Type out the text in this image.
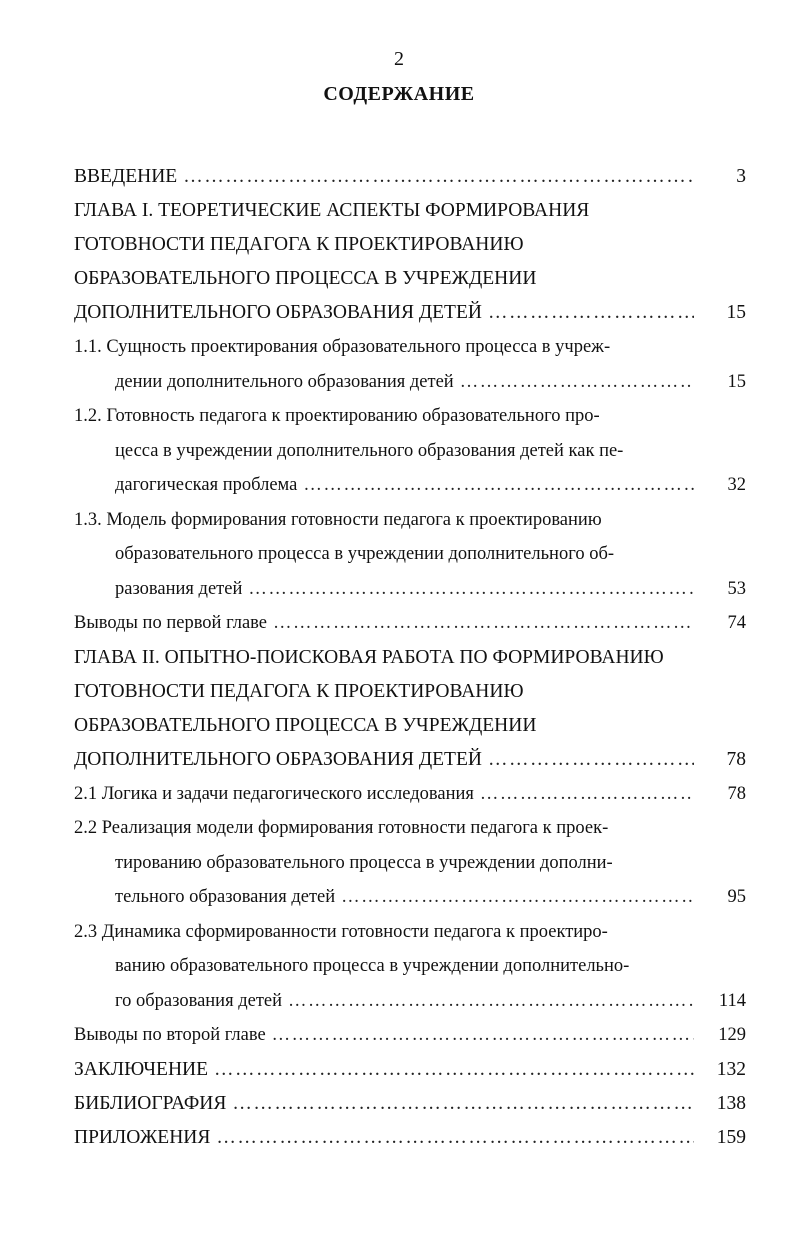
2
СОДЕРЖАНИЕ
ВВЕДЕНИЕ ……………………………………………………………………………………………………………………………………………………………………………………………………	3
ГЛАВА I. ТЕОРЕТИЧЕСКИЕ АСПЕКТЫ ФОРМИРОВАНИЯ
ГОТОВНОСТИ ПЕДАГОГА К ПРОЕКТИРОВАНИЮ
ОБРАЗОВАТЕЛЬНОГО ПРОЦЕССА В УЧРЕЖДЕНИИ
ДОПОЛНИТЕЛЬНОГО ОБРАЗОВАНИЯ ДЕТЕЙ ……………………………………………………………………………………………………………………………………………………………………………………………………	15
1.1. Сущность проектирования образовательного процесса в учреж-
дении дополнительного образования детей ……………………………………………………………………………………………………………………………………………………………………………………………………	15
1.2. Готовность педагога к проектированию образовательного про-
цесса в учреждении дополнительного образования детей как пе-
дагогическая проблема ……………………………………………………………………………………………………………………………………………………………………………………………………	32
1.3. Модель формирования готовности педагога к проектированию
образовательного процесса в учреждении дополнительного об-
разования детей ……………………………………………………………………………………………………………………………………………………………………………………………………	53
Выводы по первой главе ……………………………………………………………………………………………………………………………………………………………………………………………………	74
ГЛАВА II. ОПЫТНО-ПОИСКОВАЯ РАБОТА ПО ФОРМИРОВАНИЮ
ГОТОВНОСТИ ПЕДАГОГА К ПРОЕКТИРОВАНИЮ
ОБРАЗОВАТЕЛЬНОГО ПРОЦЕССА В УЧРЕЖДЕНИИ
ДОПОЛНИТЕЛЬНОГО ОБРАЗОВАНИЯ ДЕТЕЙ ……………………………………………………………………………………………………………………………………………………………………………………………………	78
2.1 Логика и задачи педагогического исследования ……………………………………………………………………………………………………………………………………………………………………………………………………	78
2.2 Реализация модели формирования готовности педагога к проек-
тированию образовательного процесса в учреждении дополни-
тельного образования детей ……………………………………………………………………………………………………………………………………………………………………………………………………	95
2.3 Динамика сформированности готовности педагога к проектиро-
ванию образовательного процесса в учреждении дополнительно-
го образования детей ……………………………………………………………………………………………………………………………………………………………………………………………………	114
Выводы по второй главе ……………………………………………………………………………………………………………………………………………………………………………………………………	129
ЗАКЛЮЧЕНИЕ ……………………………………………………………………………………………………………………………………………………………………………………………………	132
БИБЛИОГРАФИЯ ……………………………………………………………………………………………………………………………………………………………………………………………………	138
ПРИЛОЖЕНИЯ ……………………………………………………………………………………………………………………………………………………………………………………………………	159
